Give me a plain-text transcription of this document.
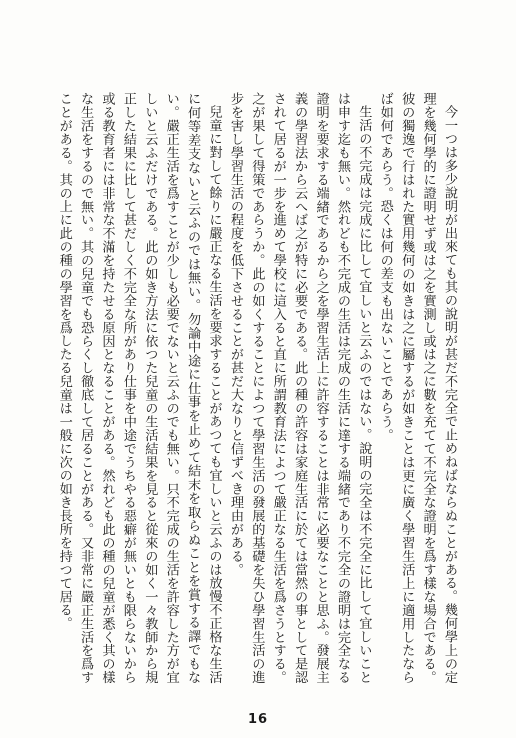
今一つは多少說明が出來ても其の說明が甚だ不完全で止めねばならぬことがある。幾何學上の定理を幾何學的に證明せず或は之を實測し或は之に數を充てて不完全な證明を爲す樣な場合である。彼の獨逸で行はれた實用幾何の如きは之に屬するが如きことは更に廣く學習生活上に適用したならば如何であらう。恐くは何の差支も出ないことであらう。

生活の不完成は完成に比して宜しいと云ふのではない。說明の完全は不完全に比して宜しいことは申す迄も無い。然れども不完成の生活は完成の生活に達する端緒であり不完全の證明は完全なる證明を要求する端緖であるから之を學習生活上に許容することは非常に必要なことと思ふ。發展主義の學習法から云へば之が特に必要である。此の種の許容は家庭生活に於ては當然の事として是認されて居るが一步を進めて學校に這入ると直に所謂教育法によつて嚴正なる生活を爲さうとする。之が果して得策であらうか。此の如くすることによつて學習生活の發展的基礎を失ひ學習生活の進步を害し學習生活の程度を低下させることが甚だ大なりと信ずべき理由がある。

兒童に對して餘りに嚴正なる生活を要求することがあつても宜しいと云ふのは放慢不正格な生活に何等差支ないと云ふのでは無い。勿論中途に仕事を止めて結末を取らぬことを賞する譯でもない。嚴正生活を爲すことが少しも必要でないと云ふのでも無い。只不完成の生活を許容した方が宜しいと云ふだけである。此の如き方法に依つた兒童の生活結果を見ると從來の如く一々教師から規正した結果に比して甚だしく不完全な所があり仕事を中途でうちやる惡癖が無いとも限らないから或る教育者には非常な不滿を持たせる原因となることがある。然れども此の種の兒童が悉く其の樣な生活をするので無い。其の兒童でも恐らくし徹底して居ることがある。又非常に嚴正生活を爲すことがある。其の上に此の種の學習を爲したる兒童は一般に次の如き長所を持つて居る。

16
